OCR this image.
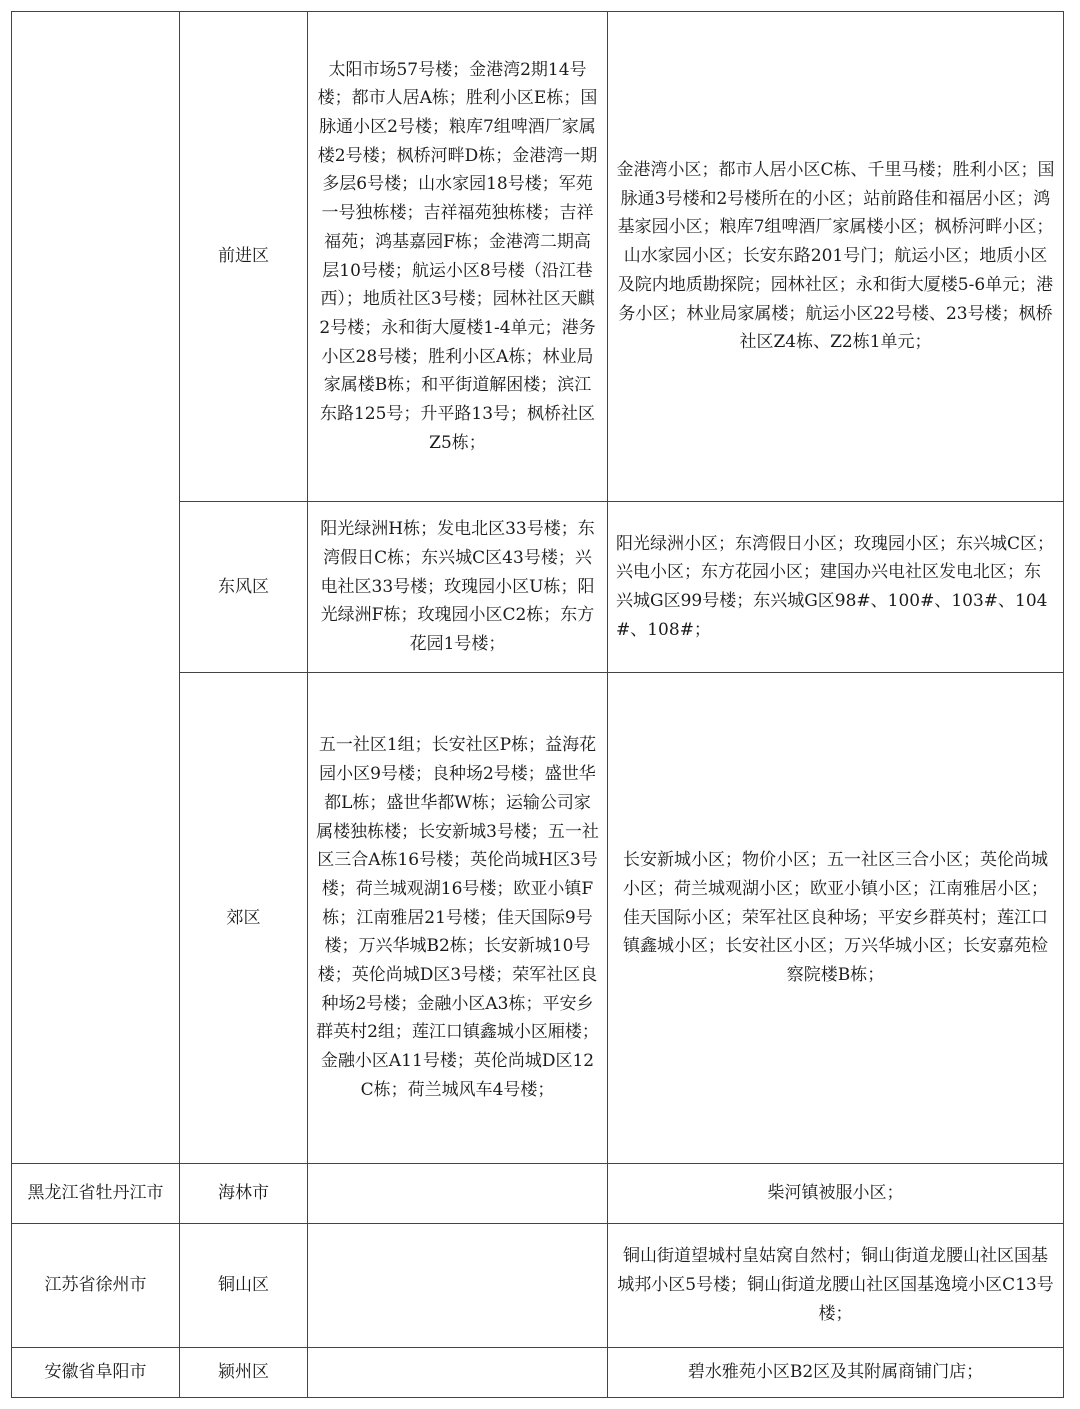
	前进区	太阳市场57号楼；金港湾2期14号楼；都市人居A栋；胜利小区E栋；国脉通小区2号楼；粮库7组啤酒厂家属楼2号楼；枫桥河畔D栋；金港湾一期多层6号楼；山水家园18号楼；军苑一号独栋楼；吉祥福苑独栋楼；吉祥福苑；鸿基嘉园F栋；金港湾二期高层10号楼；航运小区8号楼（沿江巷西）；地质社区3号楼；园林社区天麒2号楼；永和街大厦楼1-4单元；港务小区28号楼；胜利小区A栋；林业局家属楼B栋；和平街道解困楼；滨江东路125号；升平路13号；枫桥社区Z5栋；	金港湾小区；都市人居小区C栋、千里马楼；胜利小区；国脉通3号楼和2号楼所在的小区；站前路佳和福居小区；鸿基家园小区；粮库7组啤酒厂家属楼小区；枫桥河畔小区；山水家园小区；长安东路201号门；航运小区；地质小区及院内地质勘探院；园林社区；永和街大厦楼5-6单元；港务小区；林业局家属楼；航运小区22号楼、23号楼；枫桥社区Z4栋、Z2栋1单元；
	东风区	阳光绿洲H栋；发电北区33号楼；东湾假日C栋；东兴城C区43号楼；兴电社区33号楼；玫瑰园小区U栋；阳光绿洲F栋；玫瑰园小区C2栋；东方花园1号楼；	阳光绿洲小区；东湾假日小区；玫瑰园小区；东兴城C区；兴电小区；东方花园小区；建国办兴电社区发电北区；东兴城G区99号楼；东兴城G区98#、100#、103#、104#、108#；
	郊区	五一社区1组；长安社区P栋；益海花园小区9号楼；良种场2号楼；盛世华都L栋；盛世华都W栋；运输公司家属楼独栋楼；长安新城3号楼；五一社区三合A栋16号楼；英伦尚城H区3号楼；荷兰城观湖16号楼；欧亚小镇F栋；江南雅居21号楼；佳天国际9号楼；万兴华城B2栋；长安新城10号楼；英伦尚城D区3号楼；荣军社区良种场2号楼；金融小区A3栋；平安乡群英村2组；莲江口镇鑫城小区厢楼；金融小区A11号楼；英伦尚城D区12C栋；荷兰城风车4号楼；	长安新城小区；物价小区；五一社区三合小区；英伦尚城小区；荷兰城观湖小区；欧亚小镇小区；江南雅居小区；佳天国际小区；荣军社区良种场；平安乡群英村；莲江口镇鑫城小区；长安社区小区；万兴华城小区；长安嘉苑检察院楼B栋；
黑龙江省牡丹江市	海林市		柴河镇被服小区；
江苏省徐州市	铜山区		铜山街道望城村皇姑窝自然村；铜山街道龙腰山社区国基城邦小区5号楼；铜山街道龙腰山社区国基逸境小区C13号楼；
安徽省阜阳市	颍州区		碧水雅苑小区B2区及其附属商铺门店；
